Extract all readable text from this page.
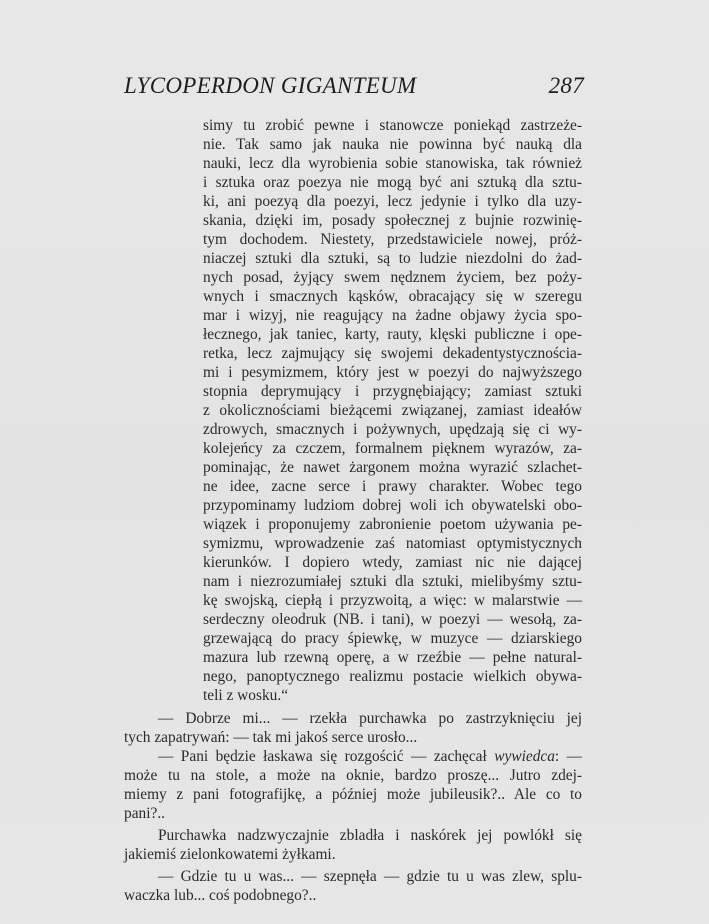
LYCOPERDON GIGANTEUM	287
simy tu zrobić pewne i stanowcze poniekąd zastrzeże-
nie. Tak samo jak nauka nie powinna być nauką dla
nauki, lecz dla wyrobienia sobie stanowiska, tak również
i sztuka oraz poezya nie mogą być ani sztuką dla sztu-
ki, ani poezyą dla poezyi, lecz jedynie i tylko dla uzy-
skania, dzięki im, posady społecznej z bujnie rozwinię-
tym dochodem. Niestety, przedstawiciele nowej, próż-
niaczej sztuki dla sztuki, są to ludzie niezdolni do żad-
nych posad, żyjący swem nędznem życiem, bez poży-
wnych i smacznych kąsków, obracający się w szeregu
mar i wizyj, nie reagujący na żadne objawy życia spo-
łecznego, jak taniec, karty, rauty, klęski publiczne i ope-
retka, lecz zajmujący się swojemi dekadentystycznościa-
mi i pesymizmem, który jest w poezyi do najwyższego
stopnia deprymujący i przygnębiający; zamiast sztuki
z okolicznościami bieżącemi związanej, zamiast ideałów
zdrowych, smacznych i pożywnych, upędzają się ci wy-
kolejeńcy za czczem, formalnem pięknem wyrazów, za-
pominając, że nawet żargonem można wyrazić szlachet-
ne idee, zacne serce i prawy charakter. Wobec tego
przypominamy ludziom dobrej woli ich obywatelski obo-
wiązek i proponujemy zabronienie poetom używania pe-
symizmu, wprowadzenie zaś natomiast optymistycznych
kierunków. I dopiero wtedy, zamiast nic nie dającej
nam i niezrozumiałej sztuki dla sztuki, mielibyśmy sztu-
kę swojską, ciepłą i przyzwoitą, a więc: w malarstwie —
serdeczny oleodruk (NB. i tani), w poezyi — wesołą, za-
grzewającą do pracy śpiewkę, w muzyce — dziarskiego
mazura lub rzewną operę, a w rzeźbie — pełne natural-
nego, panoptycznego realizmu postacie wielkich obywa-
teli z wosku.“
— Dobrze mi... — rzekła purchawka po zastrzyknięciu jej
tych zapatrywań: — tak mi jakoś serce urosło...
— Pani będzie łaskawa się rozgościć — zachęcał wywiedca: —
może tu na stole, a może na oknie, bardzo proszę... Jutro zdej-
miemy z pani fotografijkę, a później może jubileusik?.. Ale co to
pani?..
Purchawka nadzwyczajnie zbladła i naskórek jej powlókł się
jakiemiś zielonkowatemi żyłkami.
— Gdzie tu u was... — szepnęła — gdzie tu u was zlew, splu-
waczka lub... coś podobnego?..
